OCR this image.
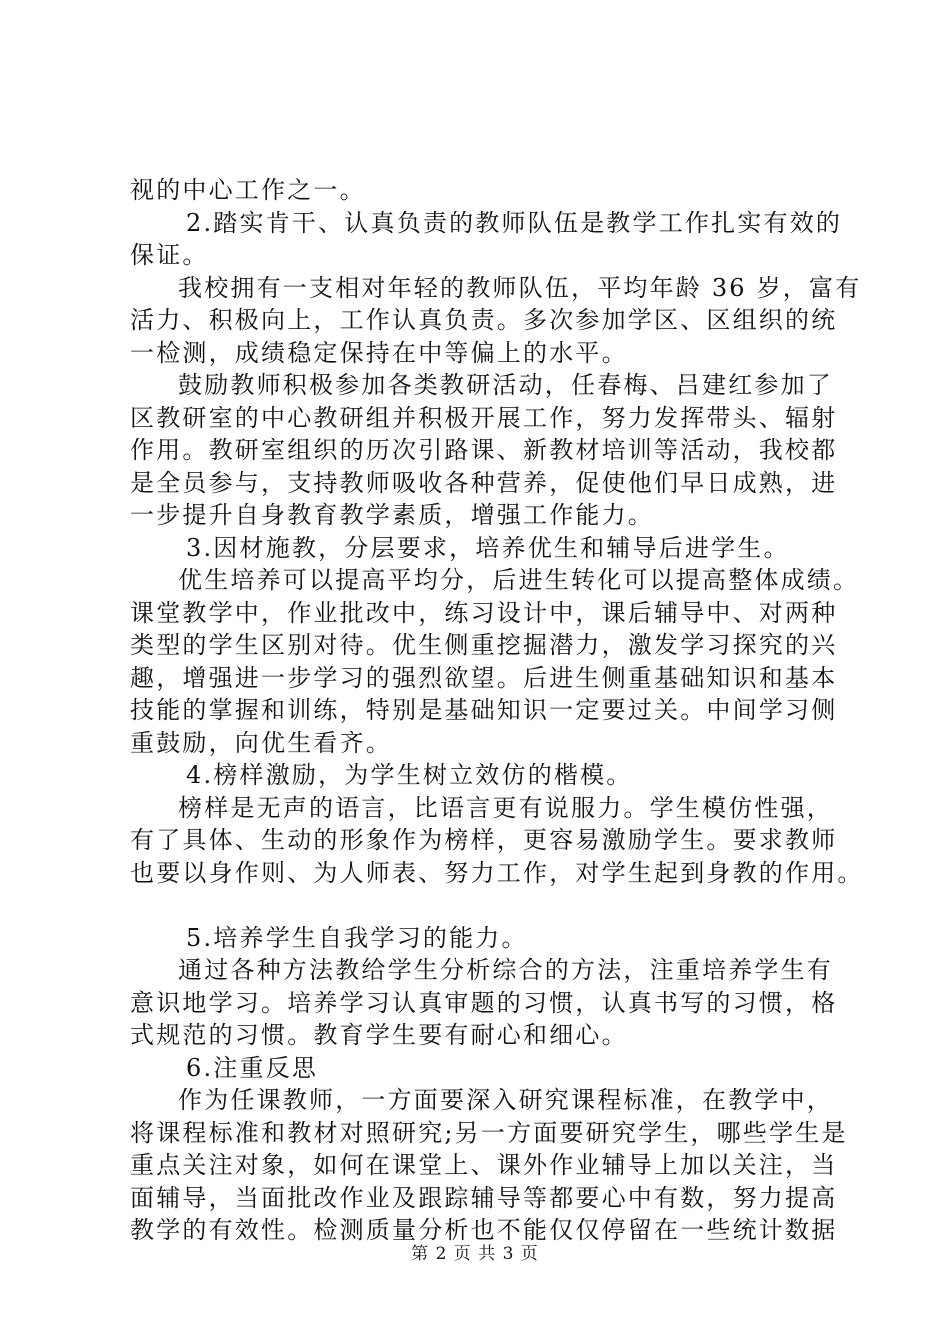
视的中心工作之一。
2.踏实肯干、认真负责的教师队伍是教学工作扎实有效的
保证。
我校拥有一支相对年轻的教师队伍，平均年龄 36 岁，富有
活力、积极向上，工作认真负责。多次参加学区、区组织的统
一检测，成绩稳定保持在中等偏上的水平。
鼓励教师积极参加各类教研活动，任春梅、吕建红参加了
区教研室的中心教研组并积极开展工作，努力发挥带头、辐射
作用。教研室组织的历次引路课、新教材培训等活动，我校都
是全员参与，支持教师吸收各种营养，促使他们早日成熟，进
一步提升自身教育教学素质，增强工作能力。
3.因材施教，分层要求，培养优生和辅导后进学生。
优生培养可以提高平均分，后进生转化可以提高整体成绩。
课堂教学中，作业批改中，练习设计中，课后辅导中、对两种
类型的学生区别对待。优生侧重挖掘潜力，激发学习探究的兴
趣，增强进一步学习的强烈欲望。后进生侧重基础知识和基本
技能的掌握和训练，特别是基础知识一定要过关。中间学习侧
重鼓励，向优生看齐。
4.榜样激励，为学生树立效仿的楷模。
榜样是无声的语言，比语言更有说服力。学生模仿性强，
有了具体、生动的形象作为榜样，更容易激励学生。要求教师
也要以身作则、为人师表、努力工作，对学生起到身教的作用。
5.培养学生自我学习的能力。
通过各种方法教给学生分析综合的方法，注重培养学生有
意识地学习。培养学习认真审题的习惯，认真书写的习惯，格
式规范的习惯。教育学生要有耐心和细心。
6.注重反思
作为任课教师，一方面要深入研究课程标准，在教学中，
将课程标准和教材对照研究;另一方面要研究学生，哪些学生是
重点关注对象，如何在课堂上、课外作业辅导上加以关注，当
面辅导，当面批改作业及跟踪辅导等都要心中有数，努力提高
教学的有效性。检测质量分析也不能仅仅停留在一些统计数据
第 2 页 共 3 页
